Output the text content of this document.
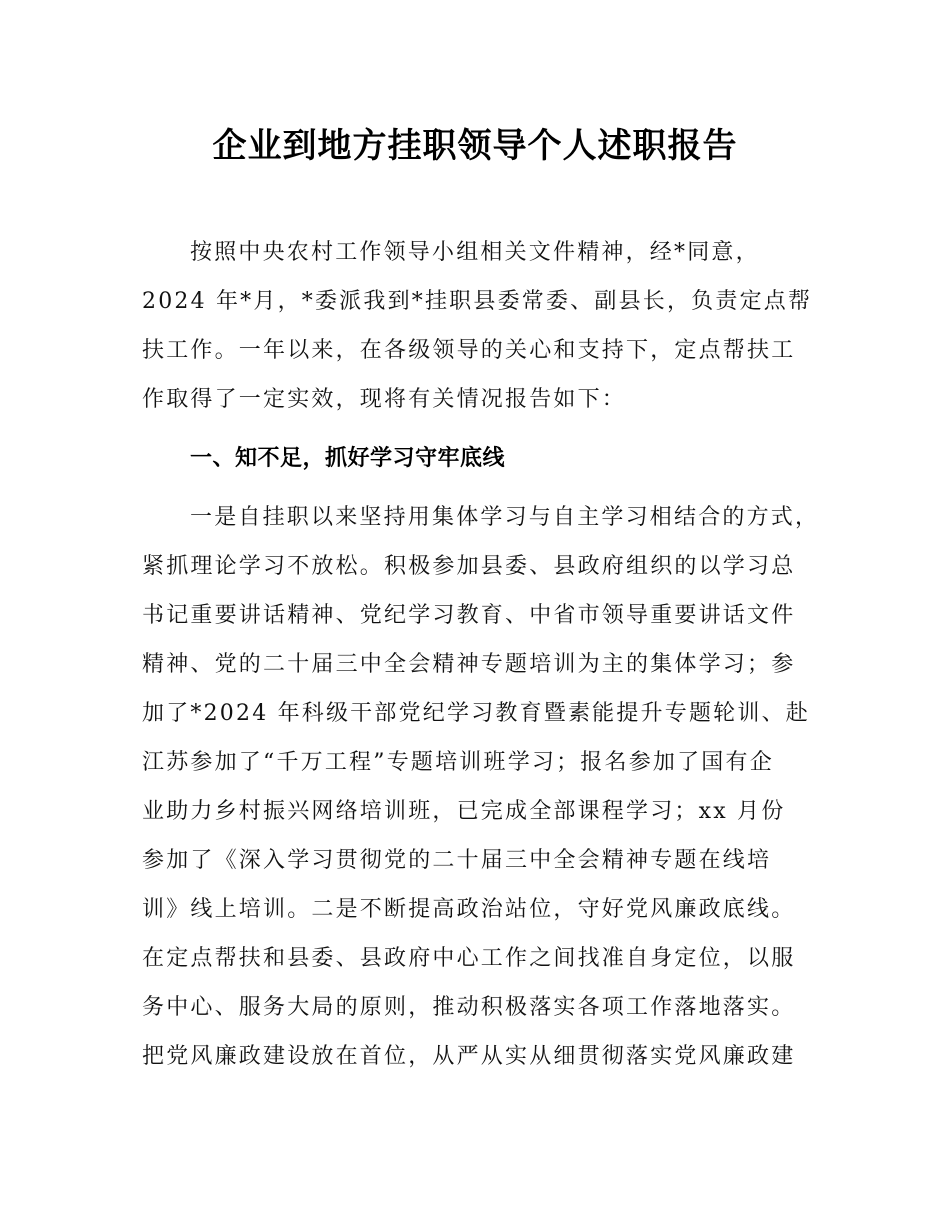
企业到地方挂职领导个人述职报告
按照中央农村工作领导小组相关文件精神，经*同意，
2024 年*月，*委派我到*挂职县委常委、副县长，负责定点帮
扶工作。一年以来，在各级领导的关心和支持下，定点帮扶工
作取得了一定实效，现将有关情况报告如下：
一、知不足，抓好学习守牢底线
一是自挂职以来坚持用集体学习与自主学习相结合的方式，
紧抓理论学习不放松。积极参加县委、县政府组织的以学习总
书记重要讲话精神、党纪学习教育、中省市领导重要讲话文件
精神、党的二十届三中全会精神专题培训为主的集体学习；参
加了*2024 年科级干部党纪学习教育暨素能提升专题轮训、赴
江苏参加了“千万工程”专题培训班学习；报名参加了国有企
业助力乡村振兴网络培训班，已完成全部课程学习；xx 月份
参加了《深入学习贯彻党的二十届三中全会精神专题在线培
训》线上培训。二是不断提高政治站位，守好党风廉政底线。
在定点帮扶和县委、县政府中心工作之间找准自身定位，以服
务中心、服务大局的原则，推动积极落实各项工作落地落实。
把党风廉政建设放在首位，从严从实从细贯彻落实党风廉政建
